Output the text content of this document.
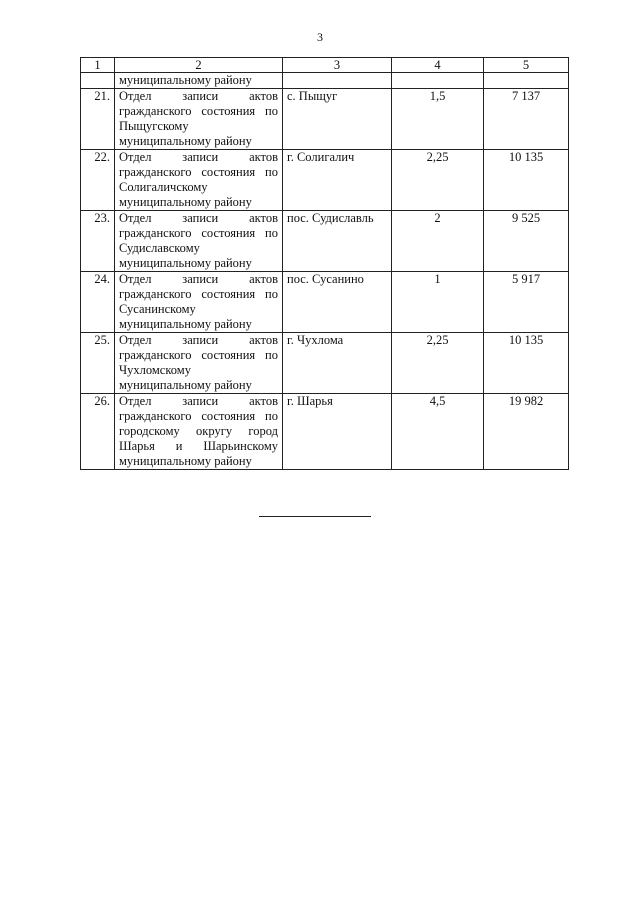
3
1	2	3	4	5

	муниципальному району			

21.	Отдел записи актов
гражданского состояния по
Пыщугскому
муниципальному району	с. Пыщуг	1,5	7 137
22.	Отдел записи актов
гражданского состояния по
Солигаличскому
муниципальному району	г. Солигалич	2,25	10 135
23.	Отдел записи актов
гражданского состояния по
Судиславскому
муниципальному району	пос. Судиславль	2	9 525
24.	Отдел записи актов
гражданского состояния по
Сусанинскому
муниципальному району	пос. Сусанино	1	5 917
25.	Отдел записи актов
гражданского состояния по
Чухломскому
муниципальному району	г. Чухлома	2,25	10 135
26.	Отдел записи актов
гражданского состояния по
городскому округу город
Шарья и Шарьинскому
муниципальному району	г. Шарья	4,5	19 982
